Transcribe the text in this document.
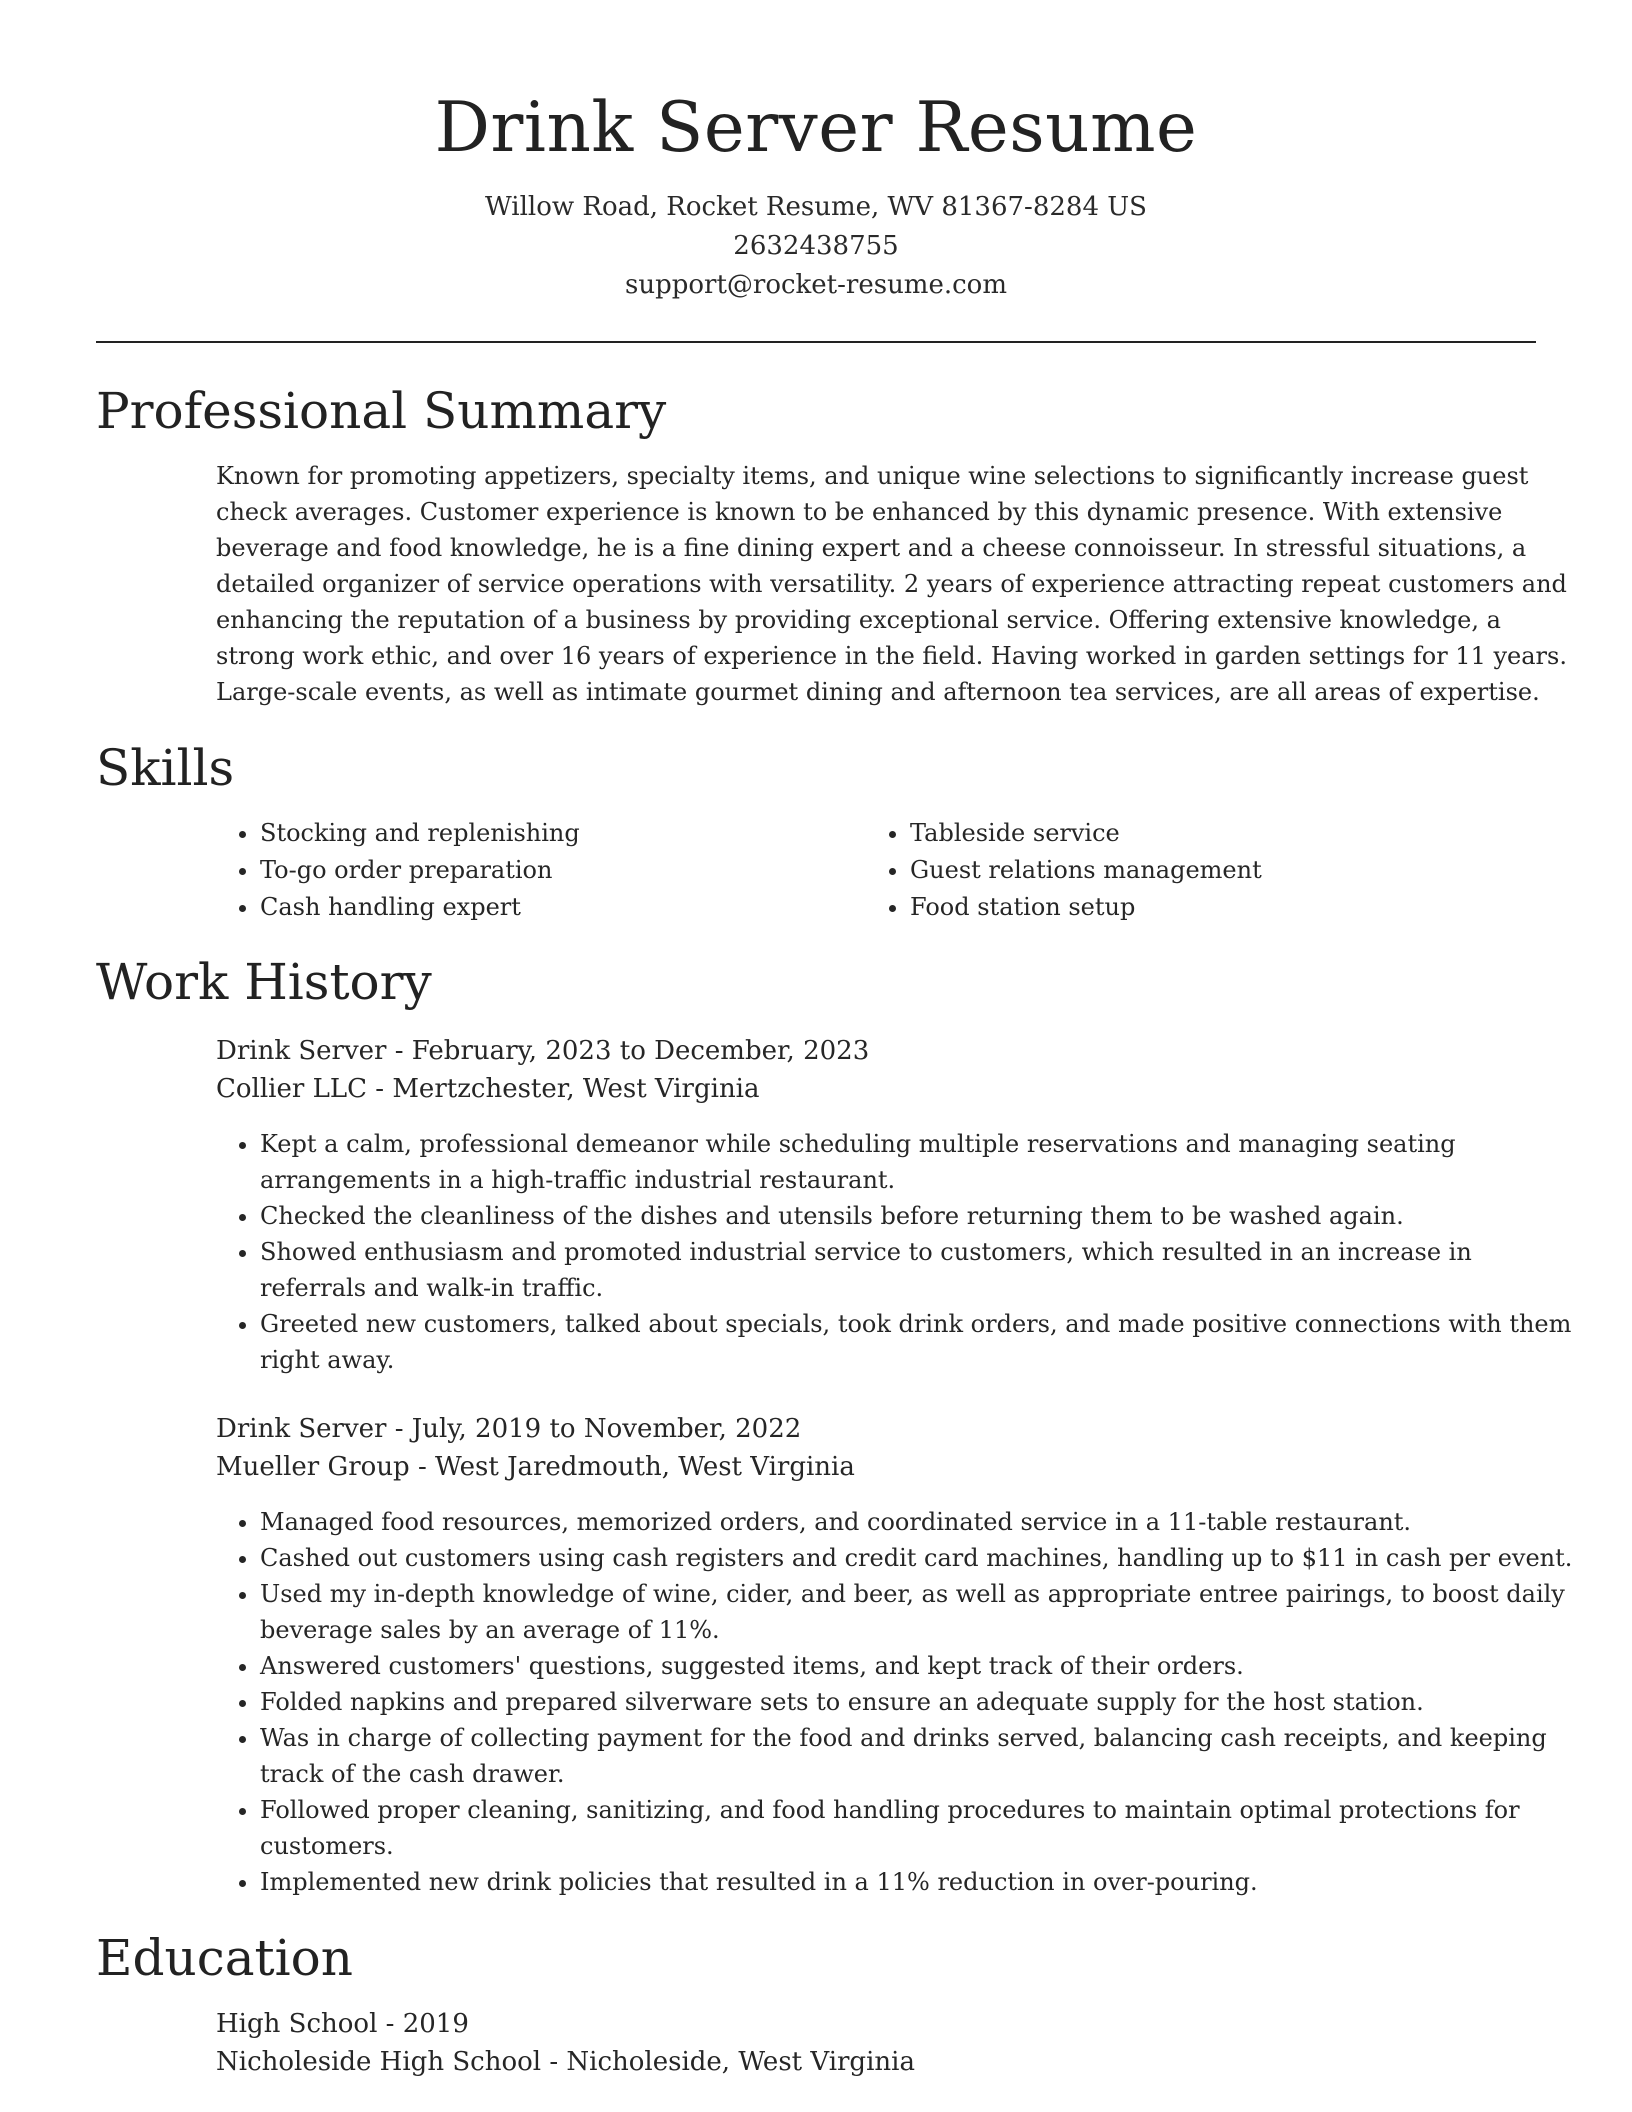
Drink Server Resume
Willow Road, Rocket Resume, WV 81367-8284 US
2632438755
support@rocket-resume.com
Professional Summary
Known for promoting appetizers, specialty items, and unique wine selections to significantly increase guest
check averages. Customer experience is known to be enhanced by this dynamic presence. With extensive
beverage and food knowledge, he is a fine dining expert and a cheese connoisseur. In stressful situations, a
detailed organizer of service operations with versatility. 2 years of experience attracting repeat customers and
enhancing the reputation of a business by providing exceptional service. Offering extensive knowledge, a
strong work ethic, and over 16 years of experience in the field. Having worked in garden settings for 11 years.
Large-scale events, as well as intimate gourmet dining and afternoon tea services, are all areas of expertise.
Skills
• Stocking and replenishing
• To-go order preparation
• Cash handling expert
• Tableside service
• Guest relations management
• Food station setup
Work History
Drink Server - February, 2023 to December, 2023
Collier LLC - Mertzchester, West Virginia
• Kept a calm, professional demeanor while scheduling multiple reservations and managing seating arrangements in a high-traffic industrial restaurant.
• Checked the cleanliness of the dishes and utensils before returning them to be washed again.
• Showed enthusiasm and promoted industrial service to customers, which resulted in an increase in referrals and walk-in traffic.
• Greeted new customers, talked about specials, took drink orders, and made positive connections with them right away.
Drink Server - July, 2019 to November, 2022
Mueller Group - West Jaredmouth, West Virginia
• Managed food resources, memorized orders, and coordinated service in a 11-table restaurant.
• Cashed out customers using cash registers and credit card machines, handling up to $11 in cash per event.
• Used my in-depth knowledge of wine, cider, and beer, as well as appropriate entree pairings, to boost daily beverage sales by an average of 11%.
• Answered customers' questions, suggested items, and kept track of their orders.
• Folded napkins and prepared silverware sets to ensure an adequate supply for the host station.
• Was in charge of collecting payment for the food and drinks served, balancing cash receipts, and keeping track of the cash drawer.
• Followed proper cleaning, sanitizing, and food handling procedures to maintain optimal protections for customers.
• Implemented new drink policies that resulted in a 11% reduction in over-pouring.
Education
High School - 2019
Nicholeside High School - Nicholeside, West Virginia
